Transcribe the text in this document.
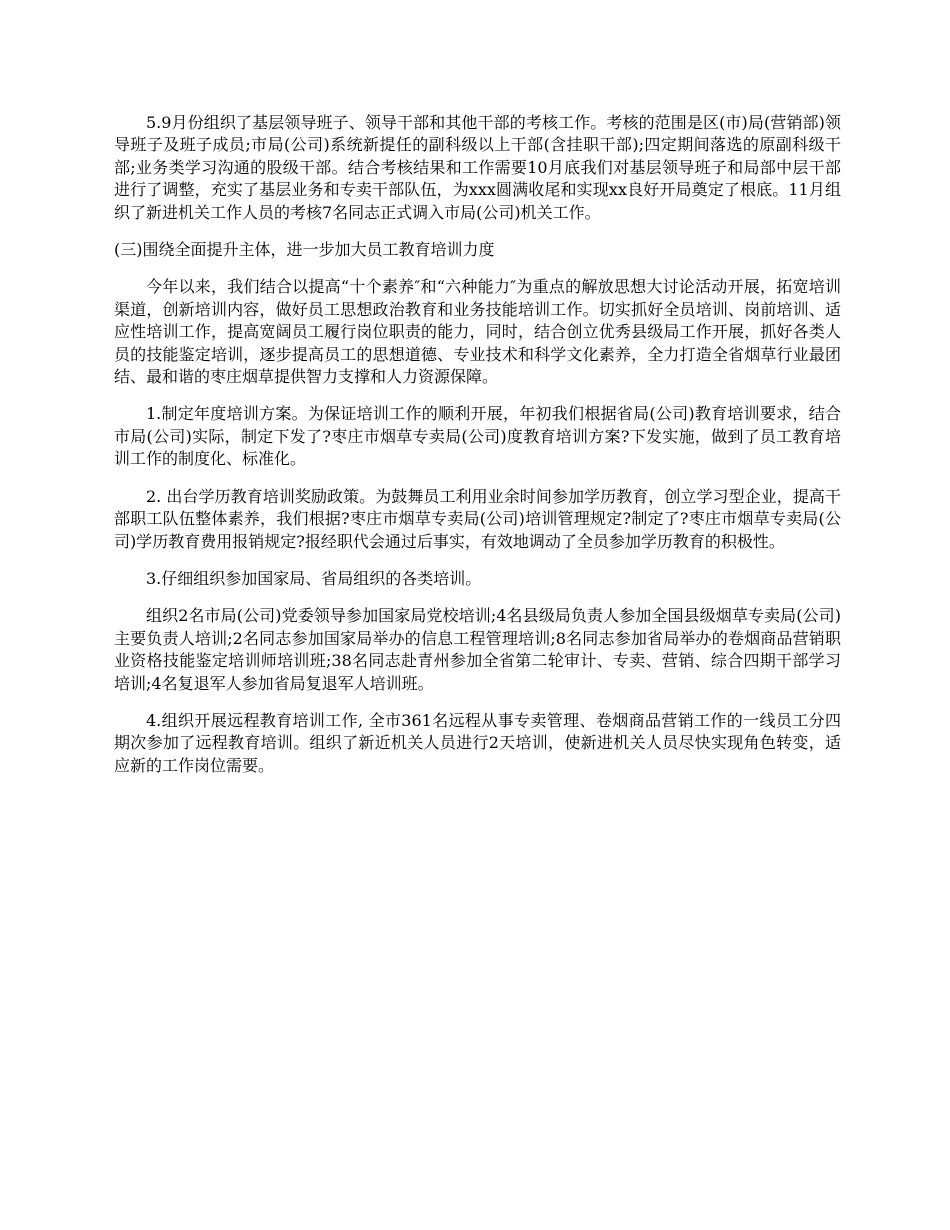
5.9月份组织了基层领导班子、领导干部和其他干部的考核工作。考核的范围是区(市)局(营销部)领导班子及班子成员;市局(公司)系统新提任的副科级以上干部(含挂职干部);四定期间落选的原副科级干部;业务类学习沟通的股级干部。结合考核结果和工作需要10月底我们对基层领导班子和局部中层干部进行了调整，充实了基层业务和专卖干部队伍，为xxx圆满收尾和实现xx良好开局奠定了根底。11月组织了新进机关工作人员的考核7名同志正式调入市局(公司)机关工作。

(三)围绕全面提升主体，进一步加大员工教育培训力度

今年以来，我们结合以提高“十个素养″和“六种能力″为重点的解放思想大讨论活动开展，拓宽培训渠道，创新培训内容，做好员工思想政治教育和业务技能培训工作。切实抓好全员培训、岗前培训、适应性培训工作，提高宽阔员工履行岗位职责的能力，同时，结合创立优秀县级局工作开展，抓好各类人员的技能鉴定培训，逐步提高员工的思想道德、专业技术和科学文化素养，全力打造全省烟草行业最团结、最和谐的枣庄烟草提供智力支撑和人力资源保障。

1.制定年度培训方案。为保证培训工作的顺利开展，年初我们根据省局(公司)教育培训要求，结合市局(公司)实际，制定下发了?枣庄市烟草专卖局(公司)度教育培训方案?下发实施，做到了员工教育培训工作的制度化、标准化。

2. 出台学历教育培训奖励政策。为鼓舞员工利用业余时间参加学历教育，创立学习型企业，提高干部职工队伍整体素养，我们根据?枣庄市烟草专卖局(公司)培训管理规定?制定了?枣庄市烟草专卖局(公司)学历教育费用报销规定?报经职代会通过后事实，有效地调动了全员参加学历教育的积极性。

3.仔细组织参加国家局、省局组织的各类培训。

组织2名市局(公司)党委领导参加国家局党校培训;4名县级局负责人参加全国县级烟草专卖局(公司)主要负责人培训;2名同志参加国家局举办的信息工程管理培训;8名同志参加省局举办的卷烟商品营销职业资格技能鉴定培训师培训班;38名同志赴青州参加全省第二轮审计、专卖、营销、综合四期干部学习培训;4名复退军人参加省局复退军人培训班。

4.组织开展远程教育培训工作, 全市361名远程从事专卖管理、卷烟商品营销工作的一线员工分四期次参加了远程教育培训。组织了新近机关人员进行2天培训，使新进机关人员尽快实现角色转变，适应新的工作岗位需要。
